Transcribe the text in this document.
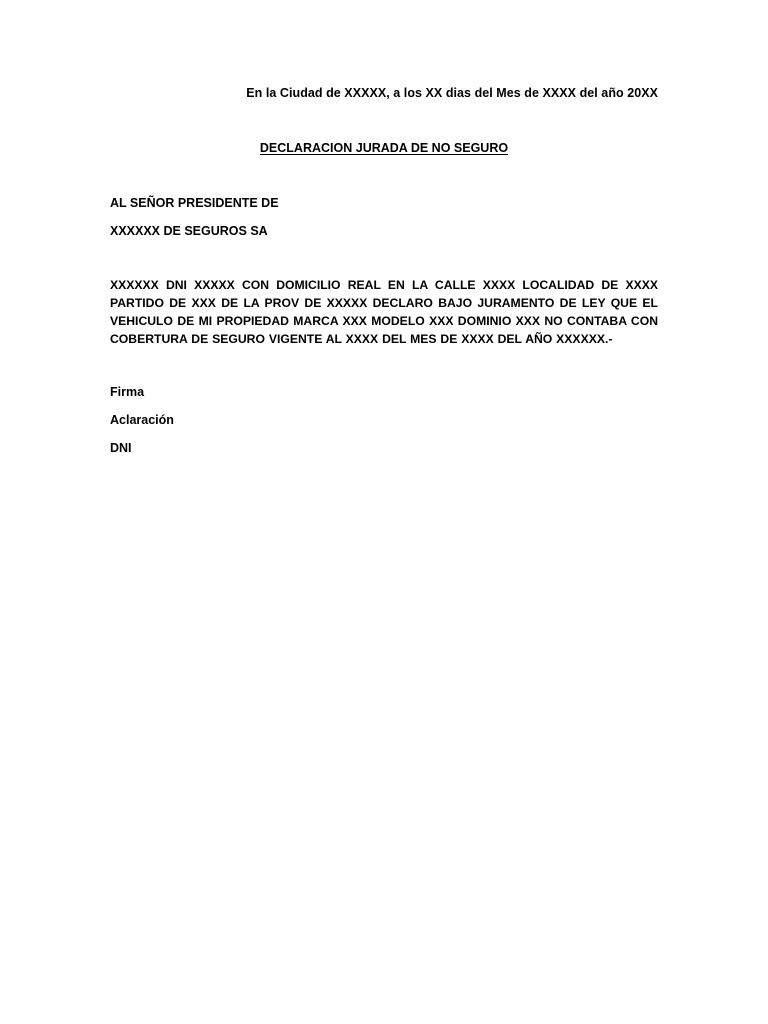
En la Ciudad de XXXXX, a los XX dias del Mes de XXXX del año 20XX
DECLARACION JURADA DE NO SEGURO
AL SEÑOR PRESIDENTE DE
XXXXXX DE SEGUROS SA
XXXXXX DNI XXXXX CON DOMICILIO REAL EN LA CALLE XXXX LOCALIDAD DE XXXX PARTIDO DE XXX DE LA PROV DE XXXXX DECLARO BAJO JURAMENTO DE LEY QUE EL VEHICULO DE MI PROPIEDAD MARCA XXX MODELO XXX DOMINIO XXX NO CONTABA CON COBERTURA DE SEGURO VIGENTE AL XXXX DEL MES DE XXXX DEL AÑO XXXXXX.-
Firma
Aclaración
DNI
